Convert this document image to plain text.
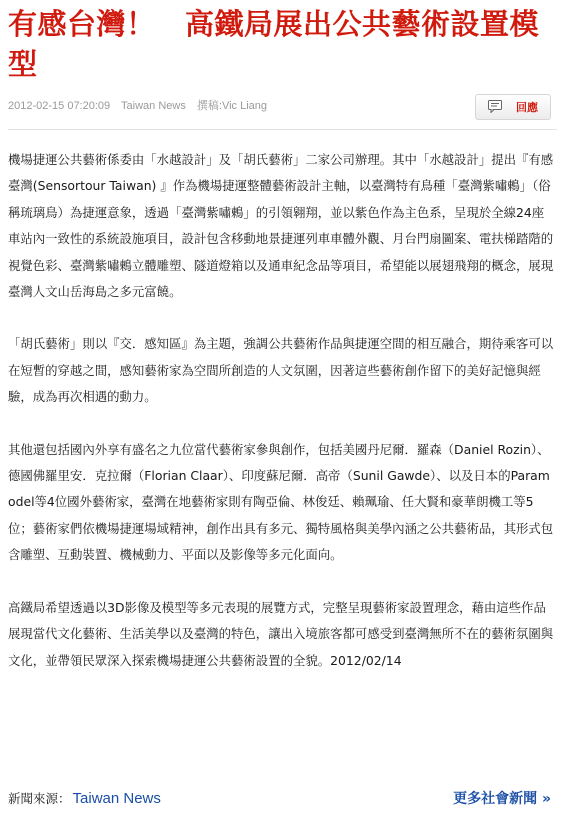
有感台灣！　高鐵局展出公共藝術設置模型
2012-02-15 07:20:09 Taiwan News 撰稿:Vic Liang	回應

機場捷運公共藝術係委由「水越設計」及「胡氏藝術」二家公司辦理。其中「水越設計」提出『有感臺灣(Sensortour Taiwan) 』作為機場捷運整體藝術設計主軸，以臺灣特有鳥種「臺灣紫嘯鶇」（俗稱琉璃鳥）為捷運意象，透過「臺灣紫嘯鶇」的引領翱翔，並以紫色作為主色系，呈現於全線24座車站內一致性的系統設施項目，設計包含移動地景捷運列車車體外觀、月台門扇圖案、電扶梯踏階的視覺色彩、臺灣紫嘯鶇立體雕塑、隧道燈箱以及通車紀念品等項目，希望能以展翅飛翔的概念，展現臺灣人文山岳海島之多元富饒。

「胡氏藝術」則以『交．感知區』為主題，強調公共藝術作品與捷運空間的相互融合，期待乘客可以在短暫的穿越之間，感知藝術家為空間所創造的人文氛圍，因著這些藝術創作留下的美好記憶與經驗，成為再次相遇的動力。

其他還包括國內外享有盛名之九位當代藝術家參與創作，包括美國丹尼爾．羅森（Daniel Rozin）、德國佛羅里安．克拉爾（Florian Claar）、印度蘇尼爾．高帝（Sunil Gawde）、以及日本的Paramodel等4位國外藝術家，臺灣在地藝術家則有陶亞倫、林俊廷、賴珮瑜、任大賢和豪華朗機工等5位；藝術家們依機場捷運場域精神，創作出具有多元、獨特風格與美學內涵之公共藝術品，其形式包含雕塑、互動裝置、機械動力、平面以及影像等多元化面向。

高鐵局希望透過以3D影像及模型等多元表現的展覽方式，完整呈現藝術家設置理念，藉由這些作品展現當代文化藝術、生活美學以及臺灣的特色，讓出入境旅客都可感受到臺灣無所不在的藝術氛圍與文化，並帶領民眾深入探索機場捷運公共藝術設置的全貌。2012/02/14

新聞來源： Taiwan News	更多社會新聞 »
